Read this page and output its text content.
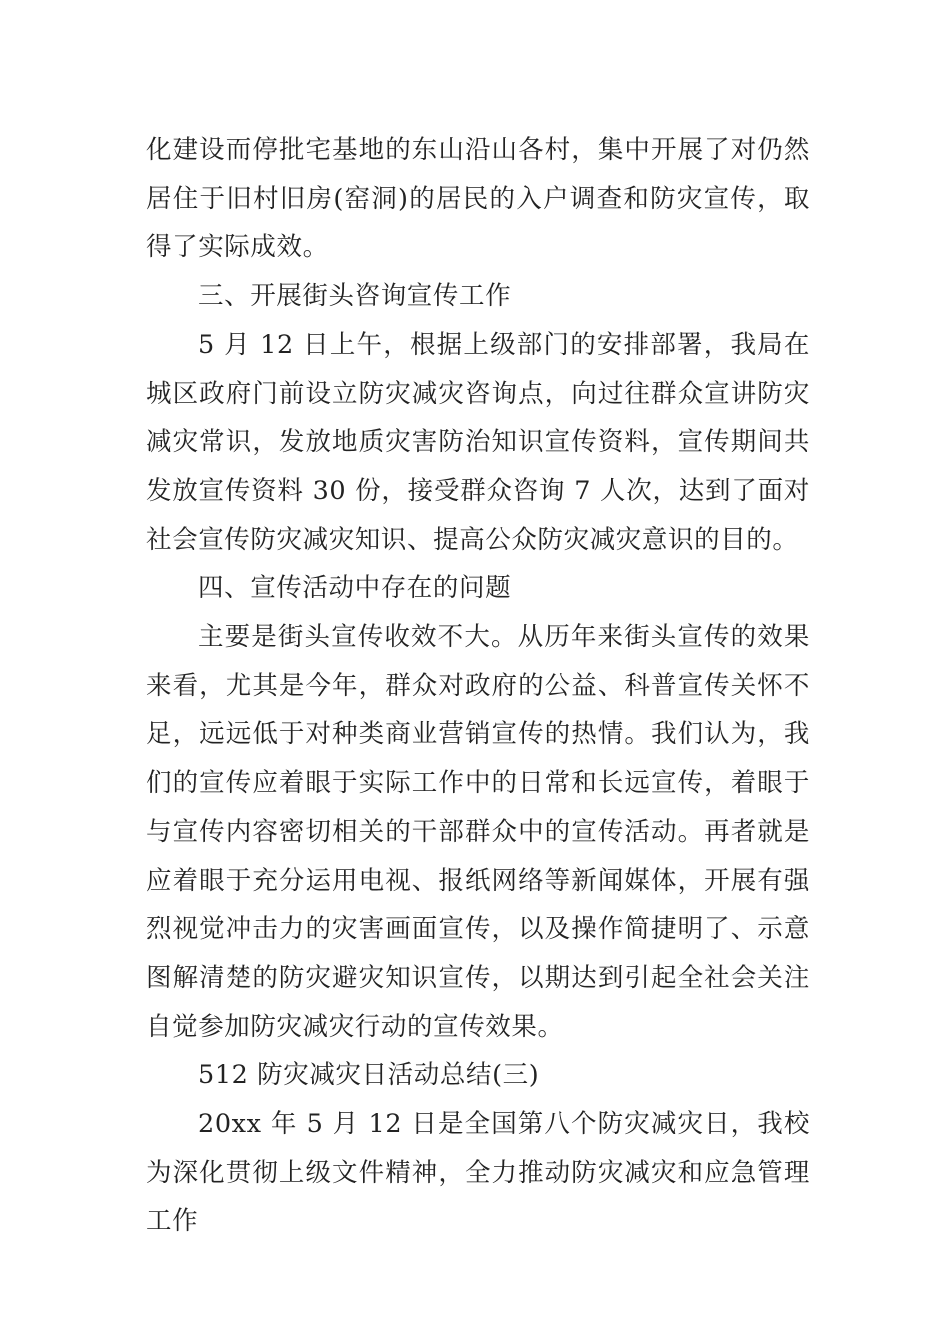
化建设而停批宅基地的东山沿山各村，集中开展了对仍然居住于旧村旧房(窑洞)的居民的入户调查和防灾宣传，取得了实际成效。

三、开展街头咨询宣传工作

5 月 12 日上午，根据上级部门的安排部署，我局在城区政府门前设立防灾减灾咨询点，向过往群众宣讲防灾减灾常识，发放地质灾害防治知识宣传资料，宣传期间共发放宣传资料 30 份，接受群众咨询 7 人次，达到了面对社会宣传防灾减灾知识、提高公众防灾减灾意识的目的。

四、宣传活动中存在的问题

主要是街头宣传收效不大。从历年来街头宣传的效果来看，尤其是今年，群众对政府的公益、科普宣传关怀不足，远远低于对种类商业营销宣传的热情。我们认为，我们的宣传应着眼于实际工作中的日常和长远宣传，着眼于与宣传内容密切相关的干部群众中的宣传活动。再者就是应着眼于充分运用电视、报纸网络等新闻媒体，开展有强烈视觉冲击力的灾害画面宣传，以及操作简捷明了、示意图解清楚的防灾避灾知识宣传，以期达到引起全社会关注自觉参加防灾减灾行动的宣传效果。

512 防灾减灾日活动总结(三)

20xx 年 5 月 12 日是全国第八个防灾减灾日，我校为深化贯彻上级文件精神，全力推动防灾减灾和应急管理工作
